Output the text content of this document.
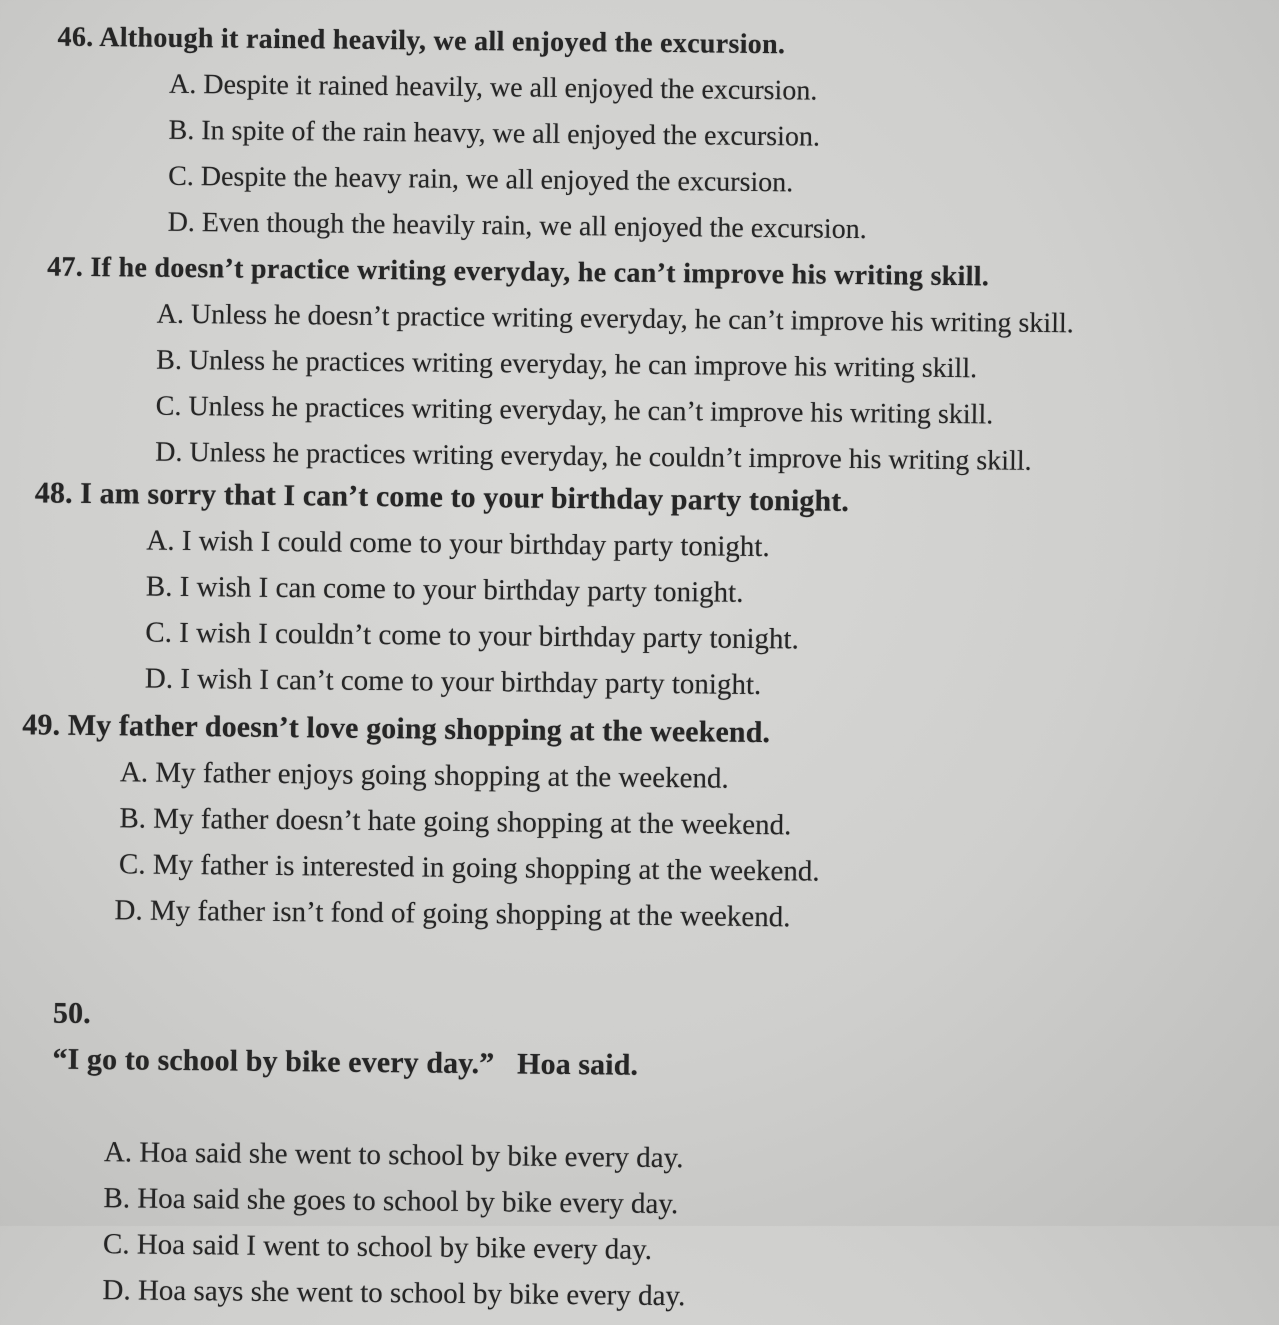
46. Although it rained heavily, we all enjoyed the excursion.
A. Despite it rained heavily, we all enjoyed the excursion.
B. In spite of the rain heavy, we all enjoyed the excursion.
C. Despite the heavy rain, we all enjoyed the excursion.
D. Even though the heavily rain, we all enjoyed the excursion.
47. If he doesn’t practice writing everyday, he can’t improve his writing skill.
A. Unless he doesn’t practice writing everyday, he can’t improve his writing skill.
B. Unless he practices writing everyday, he can improve his writing skill.
C. Unless he practices writing everyday, he can’t improve his writing skill.
D. Unless he practices writing everyday, he couldn’t improve his writing skill.
48. I am sorry that I can’t come to your birthday party tonight.
A. I wish I could come to your birthday party tonight.
B. I wish I can come to your birthday party tonight.
C. I wish I couldn’t come to your birthday party tonight.
D. I wish I can’t come to your birthday party tonight.
49. My father doesn’t love going shopping at the weekend.
A. My father enjoys going shopping at the weekend.
B. My father doesn’t hate going shopping at the weekend.
C. My father is interested in going shopping at the weekend.
D. My father isn’t fond of going shopping at the weekend.

50.
“I go to school by bike every day.”   Hoa said.

A. Hoa said she went to school by bike every day.
B. Hoa said she goes to school by bike every day.
C. Hoa said I went to school by bike every day.
D. Hoa says she went to school by bike every day.
